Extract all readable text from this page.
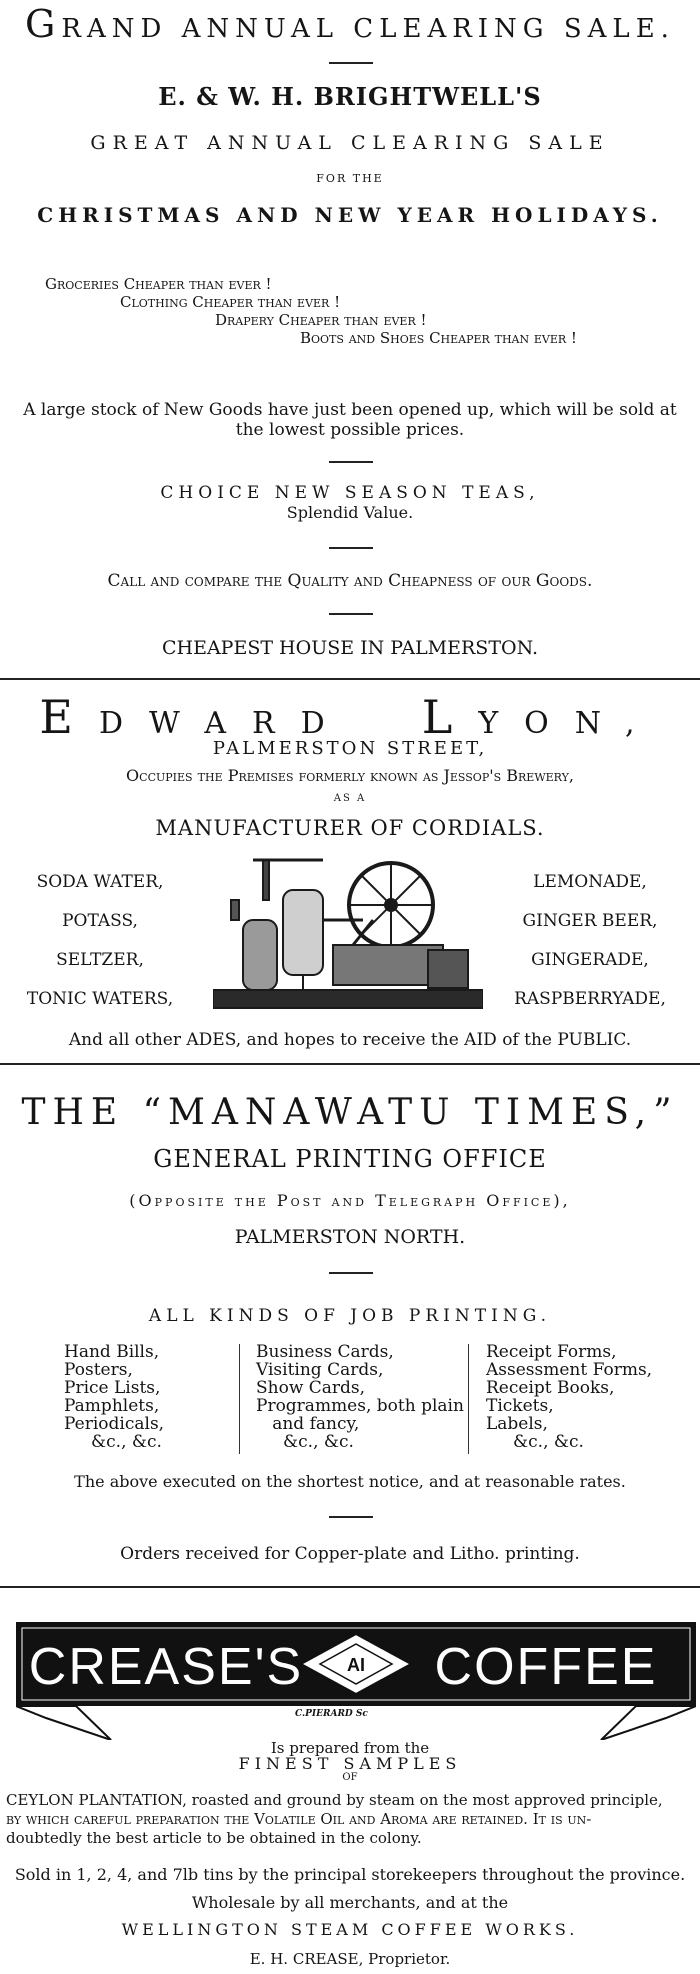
GRAND ANNUAL CLEARING SALE.
E. & W. H. BRIGHTWELL'S
GREAT ANNUAL CLEARING SALE
FOR THE
CHRISTMAS AND NEW YEAR HOLIDAYS.
Groceries Cheaper than ever !
Clothing Cheaper than ever !
Drapery Cheaper than ever !
Boots and Shoes Cheaper than ever !
A large stock of New Goods have just been opened up, which will be sold at
the lowest possible prices.
CHOICE NEW SEASON TEAS,
Splendid Value.
Call and compare the Quality and Cheapness of our Goods.
CHEAPEST HOUSE IN PALMERSTON.
EDWARD LYON,
PALMERSTON STREET,
Occupies the Premises formerly known as Jessop's Brewery,
AS A
MANUFACTURER OF CORDIALS.
SODA WATER,
POTASS,
SELTZER,
TONIC WATERS,
LEMONADE,
GINGER BEER,
GINGERADE,
RASPBERRYADE,
And all other ADES, and hopes to receive the AID of the PUBLIC.
THE “MANAWATU TIMES,”
GENERAL PRINTING OFFICE
(Opposite the Post and Telegraph Office),
PALMERSTON NORTH.
ALL KINDS OF JOB PRINTING.
Hand Bills,
Posters,
Price Lists,
Pamphlets,
Periodicals,
&c., &c.
Business Cards,
Visiting Cards,
Show Cards,
Programmes, both plain
and fancy,
&c., &c.
Receipt Forms,
Assessment Forms,
Receipt Books,
Tickets,
Labels,
&c., &c.
The above executed on the shortest notice, and at reasonable rates.
Orders received for Copper-plate and Litho. printing.
CREASE'S AI COFFEE
C.PIERARD Sc
Is prepared from the
FINEST SAMPLES
OF
CEYLON PLANTATION, roasted and ground by steam on the most approved principle,
by which careful preparation the Volatile Oil and Aroma are retained. It is un-
doubtedly the best article to be obtained in the colony.
Sold in 1, 2, 4, and 7lb tins by the principal storekeepers throughout the province.
Wholesale by all merchants, and at the
WELLINGTON STEAM COFFEE WORKS.
E. H. CREASE, Proprietor.
